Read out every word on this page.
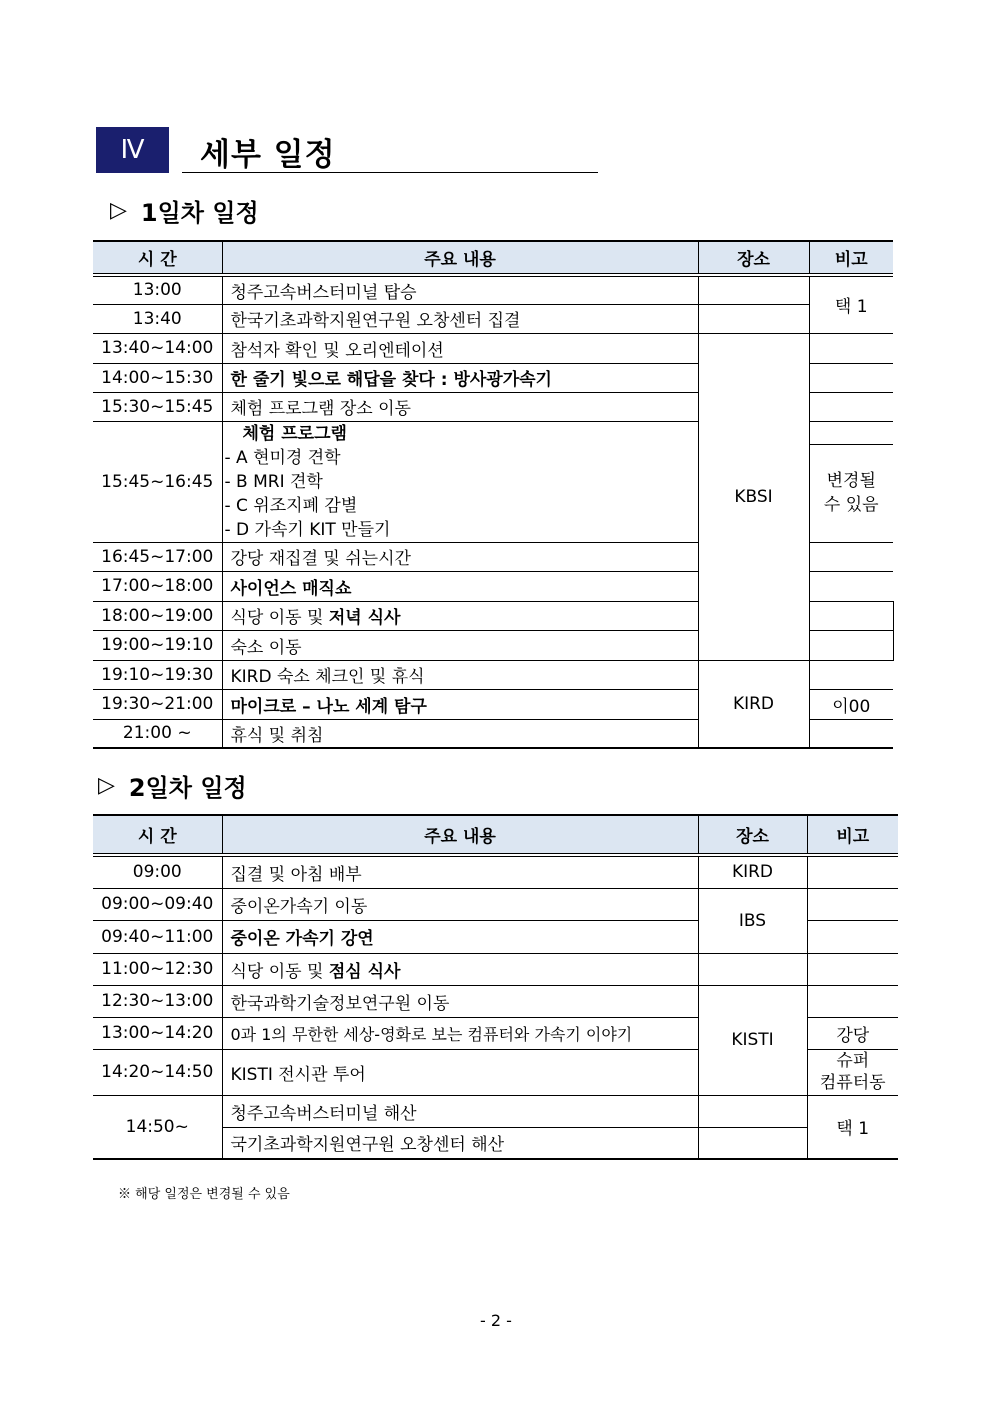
Ⅳ	세부 일정
▷ 1일차 일정
시 간	주요 내용	장소	비고	
13:00	청주고속버스터미널 탑승		택 1	
13:40	한국기초과학지원연구원 오창센터 집결			
13:40~14:00	참석자 확인 및 오리엔테이션	KBSI		
14:00~15:30	한 줄기 빛으로 해답을 찾다 : 방사광가속기			
15:30~15:45	체험 프로그램 장소 이동			
15:45~16:45	체험 프로그램
- A 현미경 견학
- B MRI 견학
- C 위조지폐 감별
- D 가속기 KIT 만들기		변경될
수 있음	

16:45~17:00	강당 재집결 및 쉬는시간			
17:00~18:00	사이언스 매직쇼			
18:00~19:00	식당 이동 및 저녁 식사			
19:00~19:10	숙소 이동			
19:10~19:30	KIRD 숙소 체크인 및 휴식	KIRD		
19:30~21:00	마이크로 – 나노 세계 탐구		이00	
21:00 ~	휴식 및 취침			
▷ 2일차 일정
시 간	주요 내용	장소	비고
09:00	집결 및 아침 배부	KIRD	
09:00~09:40	중이온가속기 이동	IBS	
09:40~11:00	중이온 가속기 강연		
11:00~12:30	식당 이동 및 점심 식사		
12:30~13:00	한국과학기술정보연구원 이동	KISTI	
13:00~14:20	0과 1의 무한한 세상-영화로 보는 컴퓨터와 가속기 이야기		강당
14:20~14:50	KISTI 전시관 투어		슈퍼
컴퓨터동

14:50~	청주고속버스터미널 해산		택 1
	국기초과학지원연구원 오창센터 해산		
※ 해당 일정은 변경될 수 있음
- 2 -
